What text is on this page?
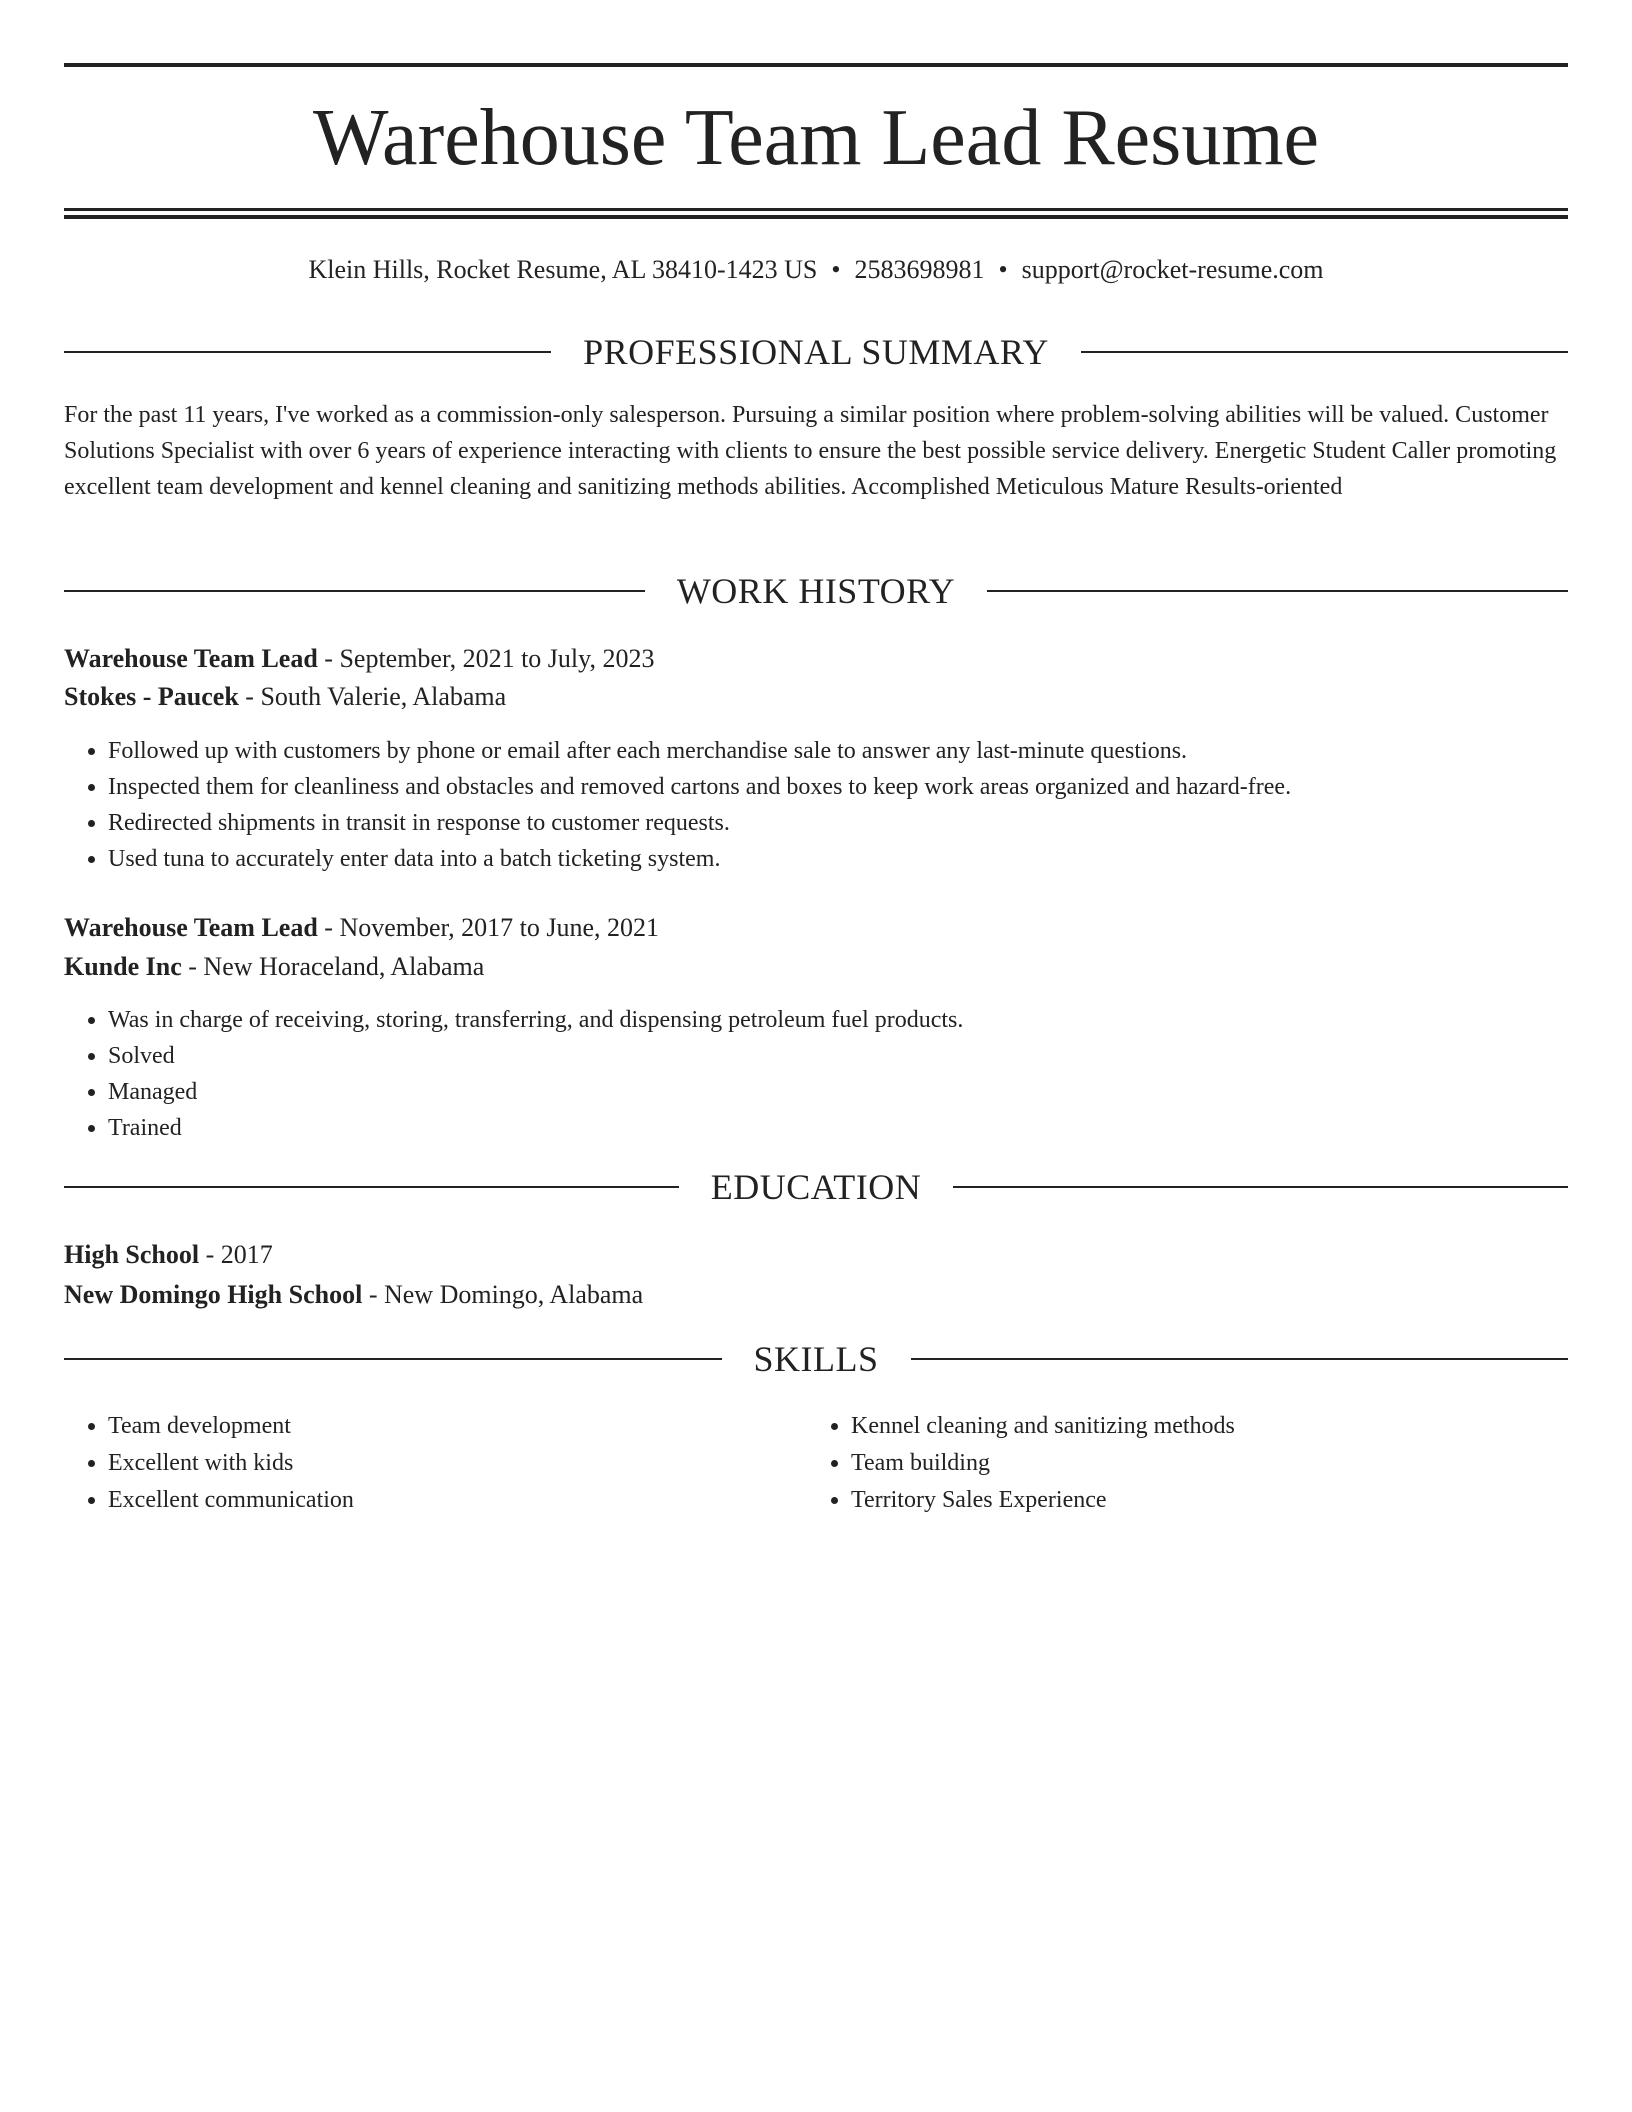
Warehouse Team Lead Resume
Klein Hills, Rocket Resume, AL 38410-1423 US • 2583698981 • support@rocket-resume.com
PROFESSIONAL SUMMARY

For the past 11 years, I've worked as a commission-only salesperson. Pursuing a similar position where problem-solving abilities will be valued. Customer Solutions Specialist with over 6 years of experience interacting with clients to ensure the best possible service delivery. Energetic Student Caller promoting excellent team development and kennel cleaning and sanitizing methods abilities. Accomplished Meticulous Mature Results-oriented

WORK HISTORY
Warehouse Team Lead - September, 2021 to July, 2023
Stokes - Paucek - South Valerie, Alabama
• Followed up with customers by phone or email after each merchandise sale to answer any last-minute questions.
• Inspected them for cleanliness and obstacles and removed cartons and boxes to keep work areas organized and hazard-free.
• Redirected shipments in transit in response to customer requests.
• Used tuna to accurately enter data into a batch ticketing system.
Warehouse Team Lead - November, 2017 to June, 2021
Kunde Inc - New Horaceland, Alabama
• Was in charge of receiving, storing, transferring, and dispensing petroleum fuel products.
• Solved
• Managed
• Trained
EDUCATION
High School - 2017
New Domingo High School - New Domingo, Alabama
SKILLS
• Team development
• Excellent with kids
• Excellent communication
• Kennel cleaning and sanitizing methods
• Team building
• Territory Sales Experience
